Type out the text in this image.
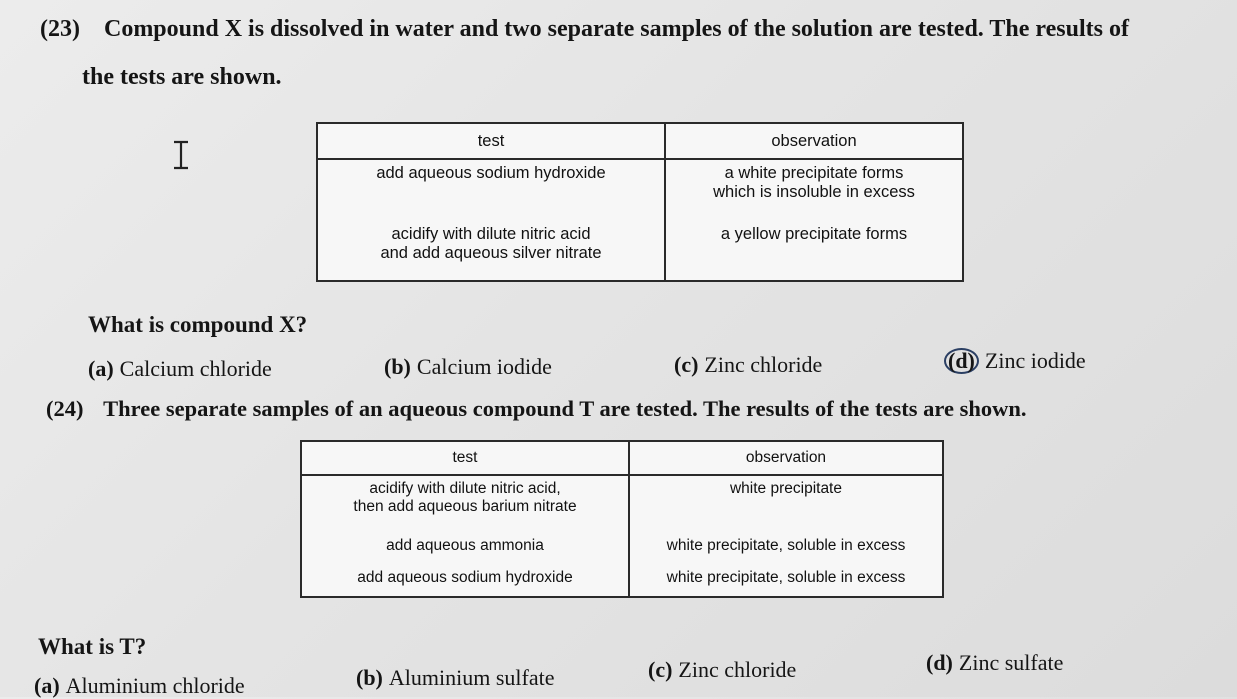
(23) Compound X is dissolved in water and two separate samples of the solution are tested. The results of
the tests are shown.
test	observation

add aqueous sodium hydroxide	a white precipitate forms
which is insoluble in excess

acidify with dilute nitric acid
and add aqueous silver nitrate	a yellow precipitate forms
What is compound X?
(a) Calcium chloride	(b) Calcium iodide	(c) Zinc chloride	(d) Zinc iodide
(24) Three separate samples of an aqueous compound T are tested. The results of the tests are shown.
test	observation

acidify with dilute nitric acid,
then add aqueous barium nitrate	white precipitate

add aqueous ammonia	white precipitate, soluble in excess

add aqueous sodium hydroxide	white precipitate, soluble in excess
What is T?
(a) Aluminium chloride	(b) Aluminium sulfate	(c) Zinc chloride	(d) Zinc sulfate
